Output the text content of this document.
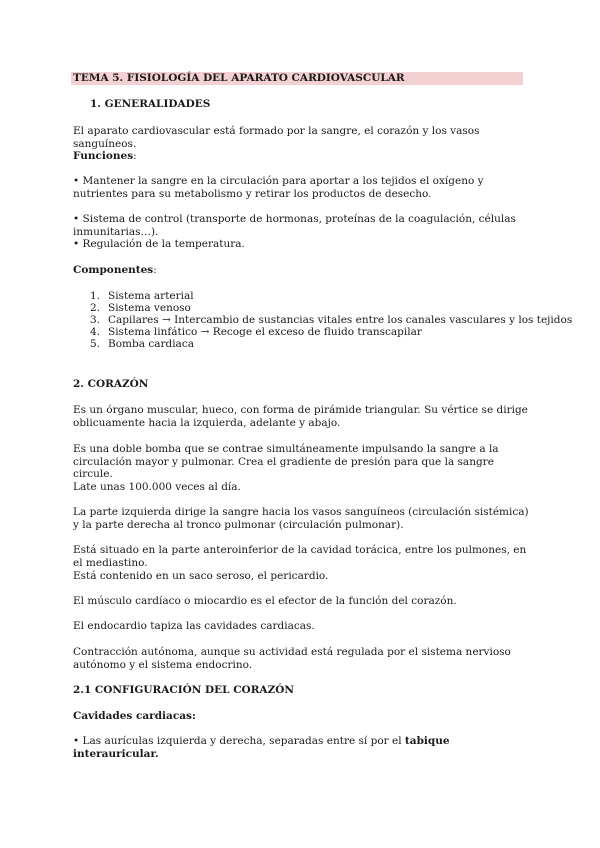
TEMA 5. FISIOLOGÍA DEL APARATO CARDIOVASCULAR
1. GENERALIDADES
El aparato cardiovascular está formado por la sangre, el corazón y los vasos sanguíneos.
Funciones:
• Mantener la sangre en la circulación para aportar a los tejidos el oxígeno y nutrientes para su metabolismo y retirar los productos de desecho.
• Sistema de control (transporte de hormonas, proteínas de la coagulación, células inmunitarias…).
• Regulación de la temperatura.
Componentes:
1. Sistema arterial
2. Sistema venoso
3. Capilares → Intercambio de sustancias vitales entre los canales vasculares y los tejidos
4. Sistema linfático → Recoge el exceso de fluido transcapilar
5. Bomba cardiaca
2. CORAZÓN
Es un órgano muscular, hueco, con forma de pirámide triangular. Su vértice se dirige oblicuamente hacia la izquierda, adelante y abajo.
Es una doble bomba que se contrae simultáneamente impulsando la sangre a la circulación mayor y pulmonar. Crea el gradiente de presión para que la sangre circule.
Late unas 100.000 veces al día.
La parte izquierda dirige la sangre hacia los vasos sanguíneos (circulación sistémica) y la parte derecha al tronco pulmonar (circulación pulmonar).
Está situado en la parte anteroinferior de la cavidad torácica, entre los pulmones, en el mediastino.
Está contenido en un saco seroso, el pericardio.
El músculo cardíaco o miocardio es el efector de la función del corazón.
El endocardio tapiza las cavidades cardiacas.
Contracción autónoma, aunque su actividad está regulada por el sistema nervioso autónomo y el sistema endocrino.
2.1 CONFIGURACIÓN DEL CORAZÓN
Cavidades cardiacas:
• Las aurículas izquierda y derecha, separadas entre sí por el tabique interauricular.
